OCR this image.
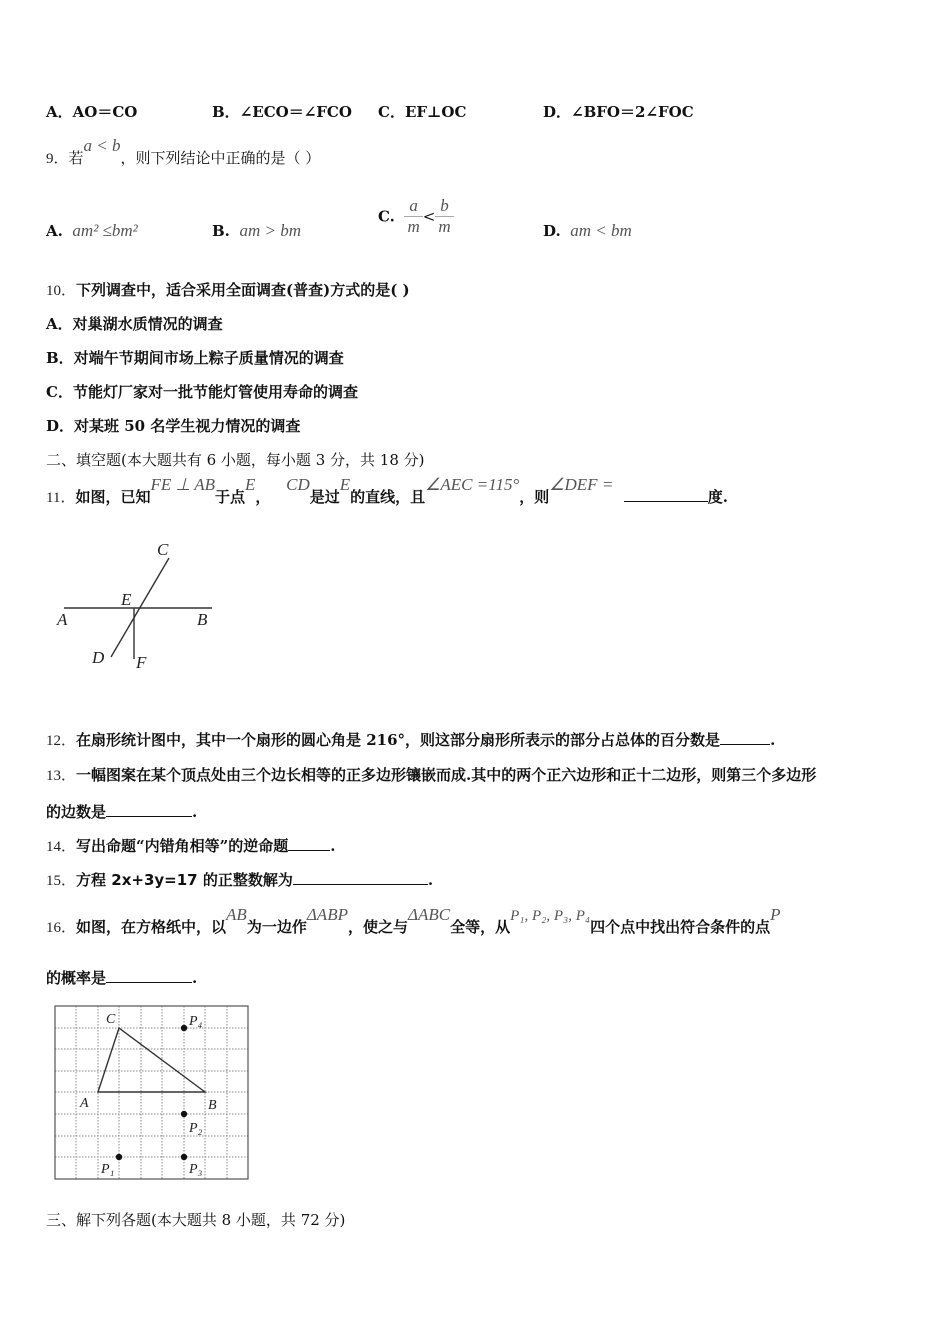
A．AO＝CO	B．∠ECO＝∠FCO C．EF⊥OC	D．∠BFO＝2∠FOC
9．若a < b，则下列结论中正确的是（ ）
A. am² ≤bm²	B. am > bm
C. $\frac{a}{m} < \frac{b}{m}$	D. am < bm
10．下列调查中，适合采用全面调查(普查)方式的是( )
A．对巢湖水质情况的调查
B．对端午节期间市场上粽子质量情况的调查
C．节能灯厂家对一批节能灯管使用寿命的调查
D．对某班 50 名学生视力情况的调查
二、填空题(本大题共有 6 小题，每小题 3 分，共 18 分)
11．如图，已知FE ⊥ AB于点E，   CD是过E的直线，且∠AEC =115°，则∠DEF =  度.
A	B
C
D
E
F
12．在扇形统计图中，其中一个扇形的圆心角是 216°，则这部分扇形所表示的部分占总体的百分数是	.
13．一幅图案在某个顶点处由三个边长相等的正多边形镶嵌而成.其中的两个正六边形和正十二边形，则第三个多边形
的边数是	.
14．写出命题“内错角相等”的逆命题	.
15．方程 2x+3y=17 的正整数解为	.
16．如图，在方格纸中，以AB为一边作ΔABP，使之与ΔABC全等，从P₁, P₂, P₃, P₄四个点中找出符合条件的点P
的概率是	.
C
A	B
P₄
P₂
P₃
P₁
三、解下列各题(本大题共 8 小题，共 72 分)
